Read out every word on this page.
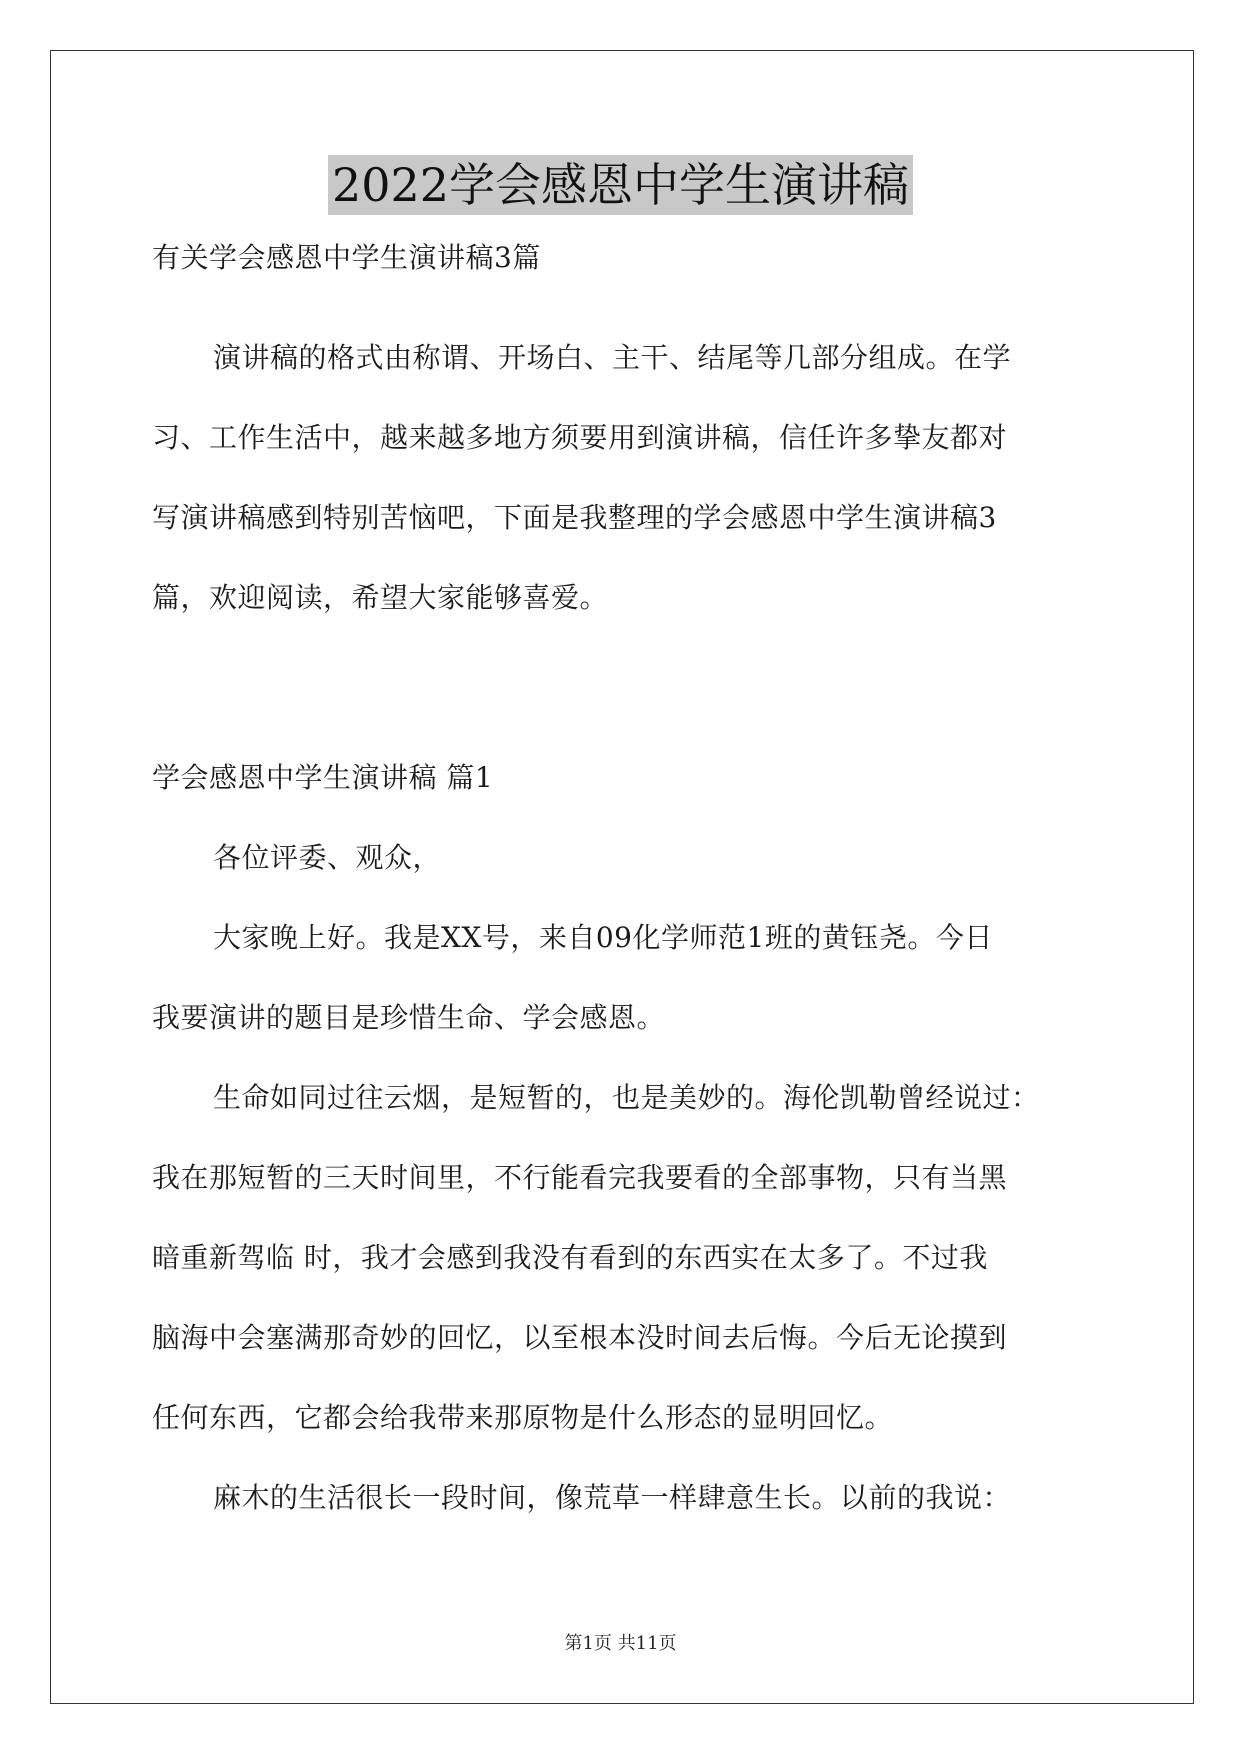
2022学会感恩中学生演讲稿
有关学会感恩中学生演讲稿3篇
演讲稿的格式由称谓、开场白、主干、结尾等几部分组成。在学
习、工作生活中，越来越多地方须要用到演讲稿，信任许多挚友都对
写演讲稿感到特别苦恼吧，下面是我整理的学会感恩中学生演讲稿3
篇，欢迎阅读，希望大家能够喜爱。
学会感恩中学生演讲稿 篇1
各位评委、观众，
大家晚上好。我是XX号，来自09化学师范1班的黄钰尧。今日
我要演讲的题目是珍惜生命、学会感恩。
生命如同过往云烟，是短暂的，也是美妙的。海伦凯勒曾经说过：
我在那短暂的三天时间里，不行能看完我要看的全部事物，只有当黑
暗重新驾临 时，我才会感到我没有看到的东西实在太多了。不过我
脑海中会塞满那奇妙的回忆，以至根本没时间去后悔。今后无论摸到
任何东西，它都会给我带来那原物是什么形态的显明回忆。
麻木的生活很长一段时间，像荒草一样肆意生长。以前的我说：
第1页 共11页
